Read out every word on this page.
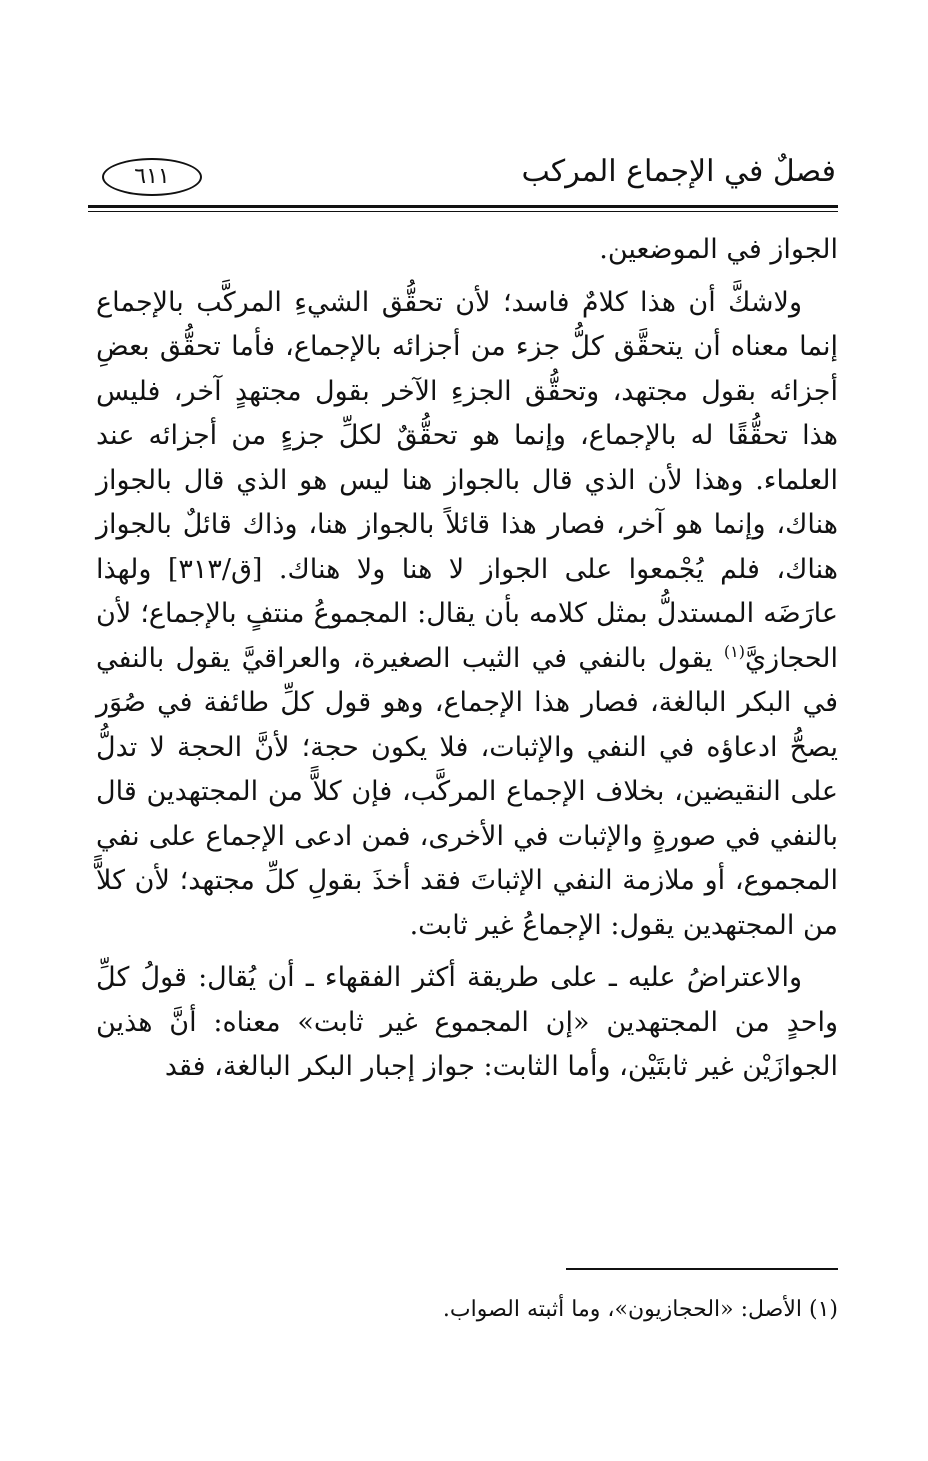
٦١١	فصلٌ في الإجماع المركب

الجواز في الموضعين.

ولاشكَّ أن هذا كلامٌ فاسد؛ لأن تحقُّق الشيءِ المركَّب بالإجماع إنما معناه أن يتحقَّق كلُّ جزء من أجزائه بالإجماع، فأما تحقُّق بعضِ أجزائه بقول مجتهد، وتحقُّق الجزءِ الآخر بقول مجتهدٍ آخر، فليس هذا تحقُّقًا له بالإجماع، وإنما هو تحقُّقٌ لكلِّ جزءٍ من أجزائه عند العلماء. وهذا لأن الذي قال بالجواز هنا ليس هو الذي قال بالجواز هناك، وإنما هو آخر، فصار هذا قائلاً بالجواز هنا، وذاك قائلٌ بالجواز هناك، فلم يُجْمعوا على الجواز لا هنا ولا هناك. [ق/٣١٣] ولهذا عارَضَه المستدلُّ بمثل كلامه بأن يقال: المجموعُ منتفٍ بالإجماع؛ لأن الحجازيَّ$^{(١)}$ يقول بالنفي في الثيب الصغيرة، والعراقيَّ يقول بالنفي في البكر البالغة، فصار هذا الإجماع، وهو قول كلِّ طائفة في صُوَر يصحُّ ادعاؤه في النفي والإثبات، فلا يكون حجة؛ لأنَّ الحجة لا تدلُّ على النقيضين، بخلاف الإجماع المركَّب، فإن كلاًّ من المجتهدين قال بالنفي في صورةٍ والإثبات في الأخرى، فمن ادعى الإجماع على نفي المجموع، أو ملازمة النفي الإثباتَ فقد أخذَ بقولِ كلِّ مجتهد؛ لأن كلاًّ من المجتهدين يقول: الإجماعُ غير ثابت.

والاعتراضُ عليه ـ على طريقة أكثر الفقهاء ـ أن يُقال: قولُ كلِّ واحدٍ من المجتهدين «إن المجموع غير ثابت» معناه: أنَّ هذين الجوازَيْن غير ثابتَيْن، وأما الثابت: جواز إجبار البكر البالغة، فقد

(١) الأصل: «الحجازيون»، وما أثبته الصواب.
